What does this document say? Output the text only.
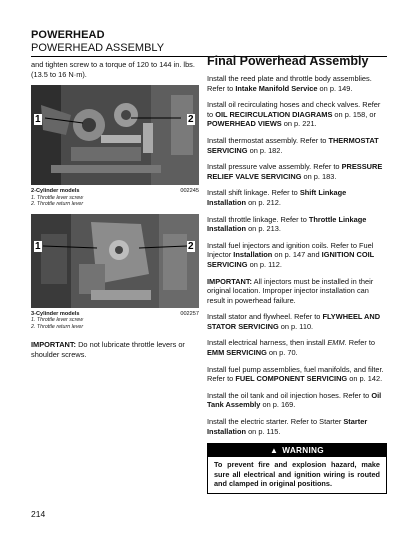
POWERHEAD
POWERHEAD ASSEMBLY

and tighten screw to a torque of 120 to 144 in. lbs. (13.5 to 16 N·m).

1	2
2-Cylinder models	002245
1. Throttle lever screw
2. Throttle return lever
1	2
3-Cylinder models	002257
1. Throttle lever screw
2. Throttle return lever

IMPORTANT: Do not lubricate throttle levers or shoulder screws.

Final Powerhead Assembly

Install the reed plate and throttle body assemblies. Refer to Intake Manifold Service on p. 149.

Install oil recirculating hoses and check valves. Refer to OIL RECIRCULATION DIAGRAMS on p. 158, or POWERHEAD VIEWS on p. 221.

Install thermostat assembly. Refer to THERMOSTAT SERVICING on p. 182.

Install pressure valve assembly. Refer to PRESSURE RELIEF VALVE SERVICING on p. 183.

Install shift linkage. Refer to Shift Linkage Installation on p. 212.

Install throttle linkage. Refer to Throttle Linkage Installation on p. 213.

Install fuel injectors and ignition coils. Refer to Fuel Injector Installation on p. 147 and IGNITION COIL SERVICING on p. 112.

IMPORTANT: All injectors must be installed in their original location. Improper injector installation can result in powerhead failure.

Install stator and flywheel. Refer to FLYWHEEL AND STATOR SERVICING on p. 110.

Install electrical harness, then install EMM. Refer to EMM SERVICING on p. 70.

Install fuel pump assemblies, fuel manifolds, and filter. Refer to FUEL COMPONENT SERVICING on p. 142.

Install the oil tank and oil injection hoses. Refer to Oil Tank Assembly on p. 169.

Install the electric starter. Refer to Starter Starter Installation on p. 115.

▲ WARNING
To prevent fire and explosion hazard, make sure all electrical and ignition wiring is routed and clamped in original positions.
214
